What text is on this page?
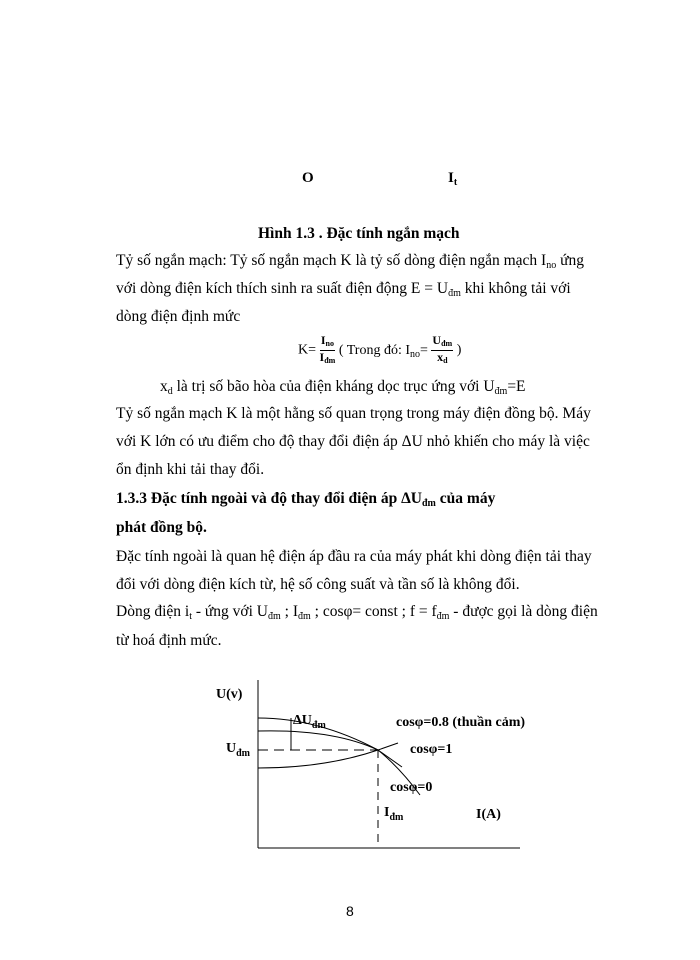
O	$I_t$
Hình 1.3 . Đặc tính ngắn mạch
Tỷ số ngắn mạch: Tỷ số ngắn mạch K là tỷ số dòng điện ngắn mạch $I_{no}$ ứng
với dòng điện kích thích sinh ra suất điện động $E = U_{đm}$ khi không tải với
dòng điện định mức
$K= \frac{I_{no}}{I_{đm}}$ ( Trong đó: $I_{no}= \frac{U_{đm}}{x_d}$ )
$x_d$ là trị số bão hòa của điện kháng dọc trục ứng với $U_{đm}=E$
Tỷ số ngắn mạch K là một hằng số quan trọng trong máy điện đồng bộ. Máy
với K lớn có ưu điểm cho độ thay đổi điện áp ΔU nhỏ khiến cho máy là việc
ổn định khi tải thay đổi.
1.3.3 Đặc tính ngoài và độ thay đổi điện áp $\Delta U_{đm}$ của máy
phát đồng bộ.
Đặc tính ngoài là quan hệ điện áp đầu ra của máy phát khi dòng điện tải thay
đổi với dòng điện kích từ, hệ số công suất và tần số là không đổi.
Dòng điện $i_t$ - ứng với $U_{đm}$ ; $I_{đm}$ ; cosφ= const ; $f = f_{đm}$ - được gọi là dòng điện
từ hoá định mức.
U(v)
I(A)
$U_{đm}$
$\Delta U_{đm}$
$I_{đm}$
cosφ=0.8 (thuần cảm)
cosφ=1
cosφ=0
8
